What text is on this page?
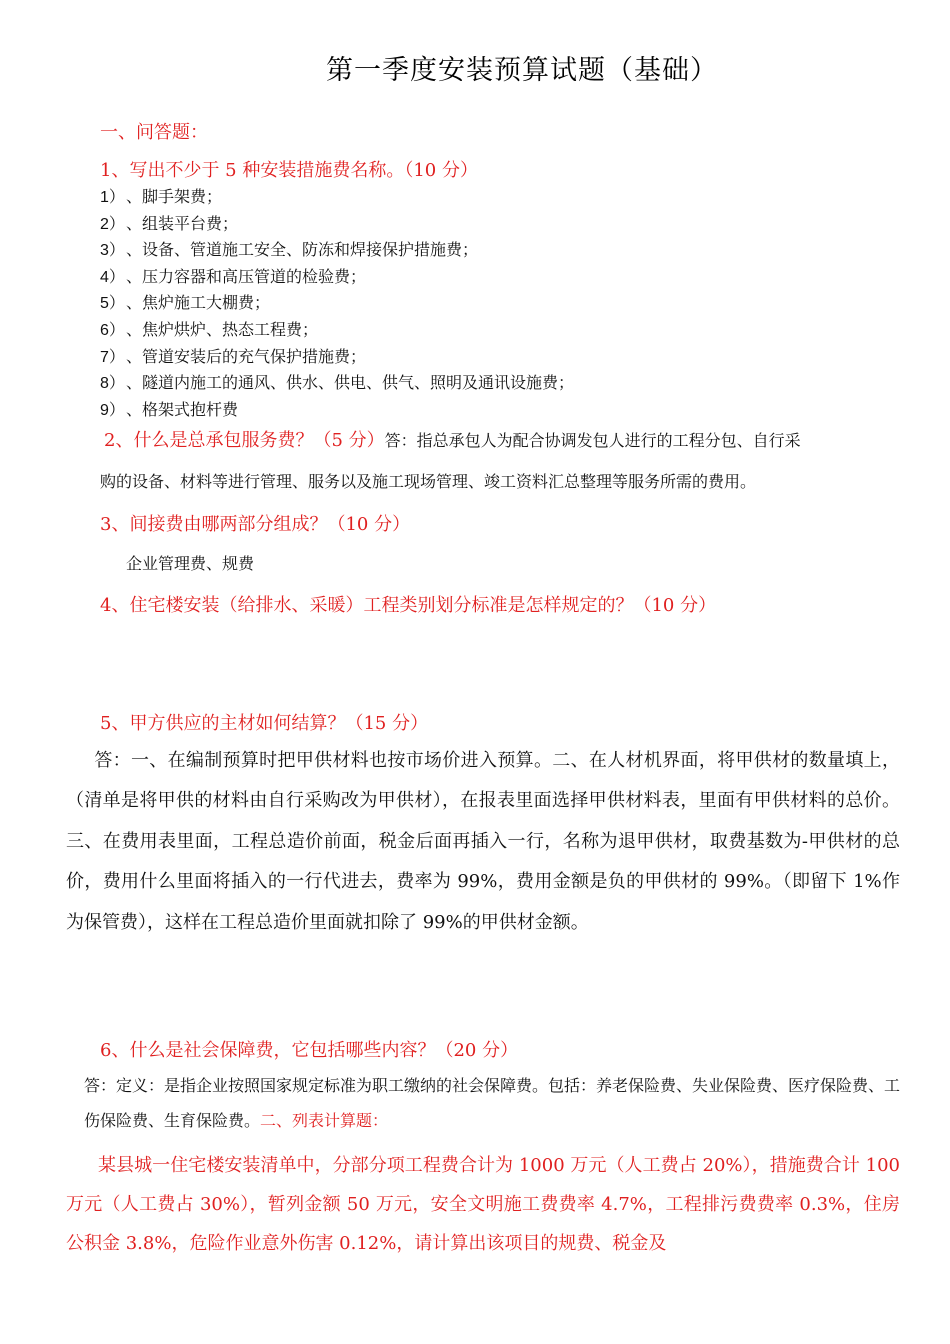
第一季度安装预算试题（基础）
一、问答题：
1、写出不少于 5 种安装措施费名称。（10 分）
1）、脚手架费；
2）、组装平台费；
3）、设备、管道施工安全、防冻和焊接保护措施费；
4）、压力容器和高压管道的检验费；
5）、焦炉施工大棚费；
6）、焦炉烘炉、热态工程费；
7）、管道安装后的充气保护措施费；
8）、隧道内施工的通风、供水、供电、供气、照明及通讯设施费；
9）、格架式抱杆费
2、什么是总承包服务费？（5 分）答：指总承包人为配合协调发包人进行的工程分包、自行采
购的设备、材料等进行管理、服务以及施工现场管理、竣工资料汇总整理等服务所需的费用。
3、间接费由哪两部分组成？（10 分）
企业管理费、规费
4、住宅楼安装（给排水、采暖）工程类别划分标准是怎样规定的？（10 分）
5、甲方供应的主材如何结算？（15 分）
答：一、在编制预算时把甲供材料也按市场价进入预算。二、在人材机界面，将甲供材的数量填上，（清单是将甲供的材料由自行采购改为甲供材），在报表里面选择甲供材料表，里面有甲供材料的总价。三、在费用表里面，工程总造价前面，税金后面再插入一行，名称为退甲供材，取费基数为-甲供材的总价，费用什么里面将插入的一行代进去，费率为 99%，费用金额是负的甲供材的 99%。（即留下 1%作为保管费），这样在工程总造价里面就扣除了 99%的甲供材金额。
6、什么是社会保障费，它包括哪些内容？（20 分）
答：定义：是指企业按照国家规定标准为职工缴纳的社会保障费。包括：养老保险费、失业保险费、医疗保险费、工伤保险费、生育保险费。二、列表计算题：
某县城一住宅楼安装清单中，分部分项工程费合计为 1000 万元（人工费占 20%），措施费合计 100 万元（人工费占 30%），暂列金额 50 万元，安全文明施工费费率 4.7%，工程排污费费率 0.3%，住房公积金 3.8%，危险作业意外伤害 0.12%，请计算出该项目的规费、税金及
